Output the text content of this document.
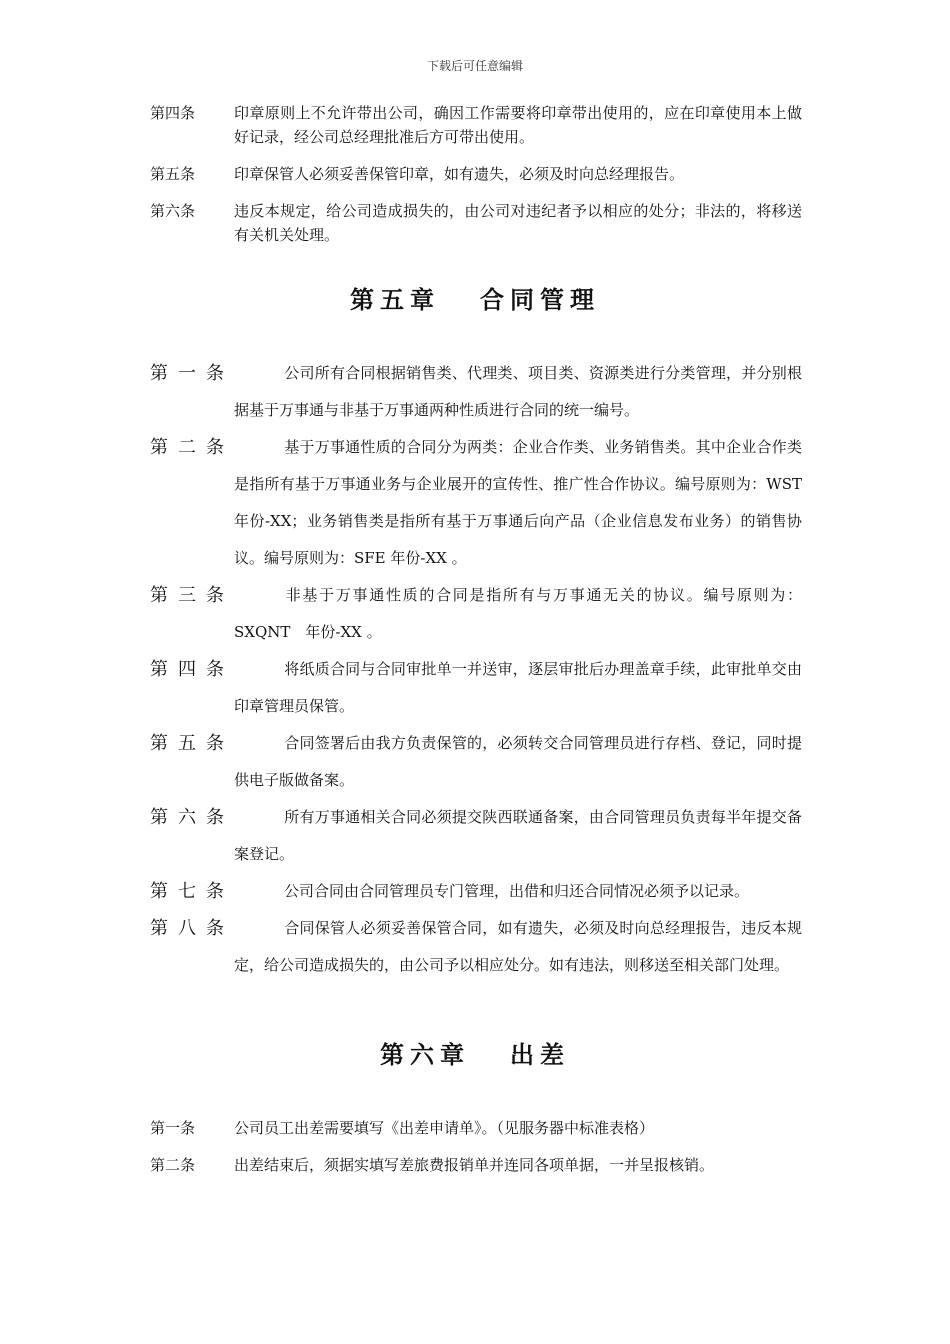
下载后可任意编辑
第四条	印章原则上不允许带出公司，确因工作需要将印章带出使用的，应在印章使用本上做好记录，经公司总经理批准后方可带出使用。
第五条	印章保管人必须妥善保管印章，如有遗失，必须及时向总经理报告。
第六条	违反本规定，给公司造成损失的，由公司对违纪者予以相应的处分；非法的，将移送有关机关处理。
第五章 合同管理
第一条	公司所有合同根据销售类、代理类、项目类、资源类进行分类管理，并分别根据基于万事通与非基于万事通两种性质进行合同的统一编号。
第二条	基于万事通性质的合同分为两类：企业合作类、业务销售类。其中企业合作类是指所有基于万事通业务与企业展开的宣传性、推广性合作协议。编号原则为：WST　年份-XX；业务销售类是指所有基于万事通后向产品（企业信息发布业务）的销售协议。编号原则为：SFE 年份-XX 。
第三条	非基于万事通性质的合同是指所有与万事通无关的协议。编号原则为：SXQNT　年份-XX 。
第四条	将纸质合同与合同审批单一并送审，逐层审批后办理盖章手续，此审批单交由印章管理员保管。
第五条	合同签署后由我方负责保管的，必须转交合同管理员进行存档、登记，同时提供电子版做备案。
第六条	所有万事通相关合同必须提交陕西联通备案，由合同管理员负责每半年提交备案登记。
第七条	公司合同由合同管理员专门管理，出借和归还合同情况必须予以记录。
第八条	合同保管人必须妥善保管合同，如有遗失，必须及时向总经理报告，违反本规定，给公司造成损失的，由公司予以相应处分。如有违法，则移送至相关部门处理。
第六章 出差
第一条	公司员工出差需要填写《出差申请单》。（见服务器中标准表格）
第二条	出差结束后，须据实填写差旅费报销单并连同各项单据，一并呈报核销。
